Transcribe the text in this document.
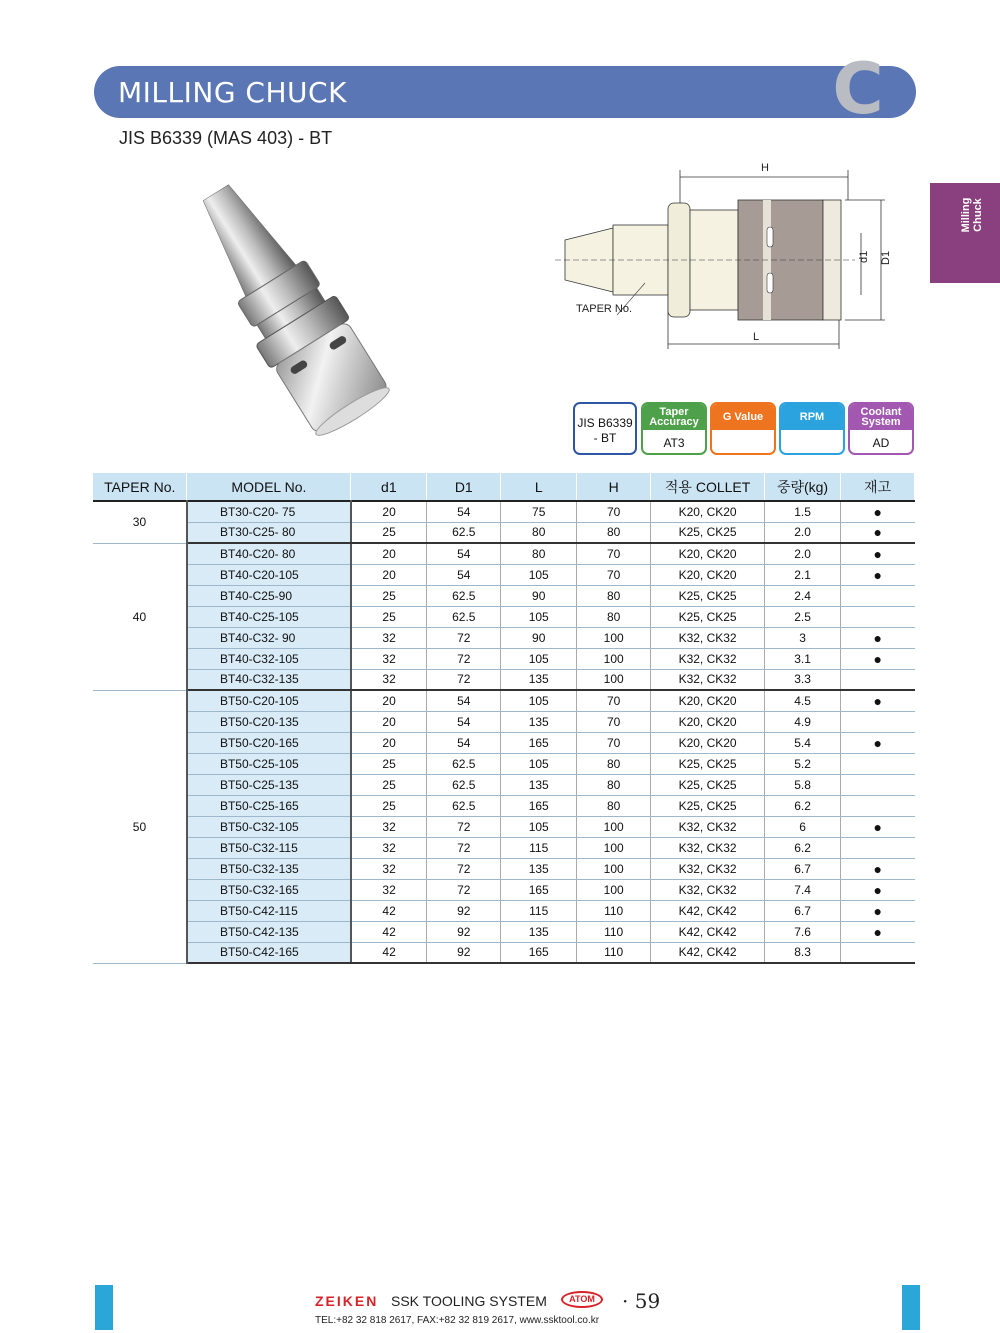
MILLING CHUCK	C
JIS B6339 (MAS 403) - BT
Milling Chuck
H
L
d1 D1
TAPER No.
JIS B6339 - BT
Taper Accuracy
AT3
G Value	RPM	Coolant System
AD
TAPER No.	MODEL No.	d1	D1	L	H	적용 COLLET	중량(kg)	재고
30	BT30-C20- 75	20	54	75	70	K20, CK20	1.5	●
	BT30-C25- 80	25	62.5	80	80	K25, CK25	2.0	●
40	BT40-C20- 80	20	54	80	70	K20, CK20	2.0	●
	BT40-C20-105	20	54	105	70	K20, CK20	2.1	●
	BT40-C25-90	25	62.5	90	80	K25, CK25	2.4	
	BT40-C25-105	25	62.5	105	80	K25, CK25	2.5	
	BT40-C32- 90	32	72	90	100	K32, CK32	3	●
	BT40-C32-105	32	72	105	100	K32, CK32	3.1	●
	BT40-C32-135	32	72	135	100	K32, CK32	3.3	
50	BT50-C20-105	20	54	105	70	K20, CK20	4.5	●
	BT50-C20-135	20	54	135	70	K20, CK20	4.9	
	BT50-C20-165	20	54	165	70	K20, CK20	5.4	●
	BT50-C25-105	25	62.5	105	80	K25, CK25	5.2	
	BT50-C25-135	25	62.5	135	80	K25, CK25	5.8	
	BT50-C25-165	25	62.5	165	80	K25, CK25	6.2	
	BT50-C32-105	32	72	105	100	K32, CK32	6	●
	BT50-C32-115	32	72	115	100	K32, CK32	6.2	
	BT50-C32-135	32	72	135	100	K32, CK32	6.7	●
	BT50-C32-165	32	72	165	100	K32, CK32	7.4	●
	BT50-C42-115	42	92	115	110	K42, CK42	6.7	●
	BT50-C42-135	42	92	135	110	K42, CK42	7.6	●
	BT50-C42-165	42	92	165	110	K42, CK42	8.3	
ZEIKEN SSK TOOLING SYSTEM	ATOM	· 59
TEL:+82 32 818 2617, FAX:+82 32 819 2617, www.ssktool.co.kr
